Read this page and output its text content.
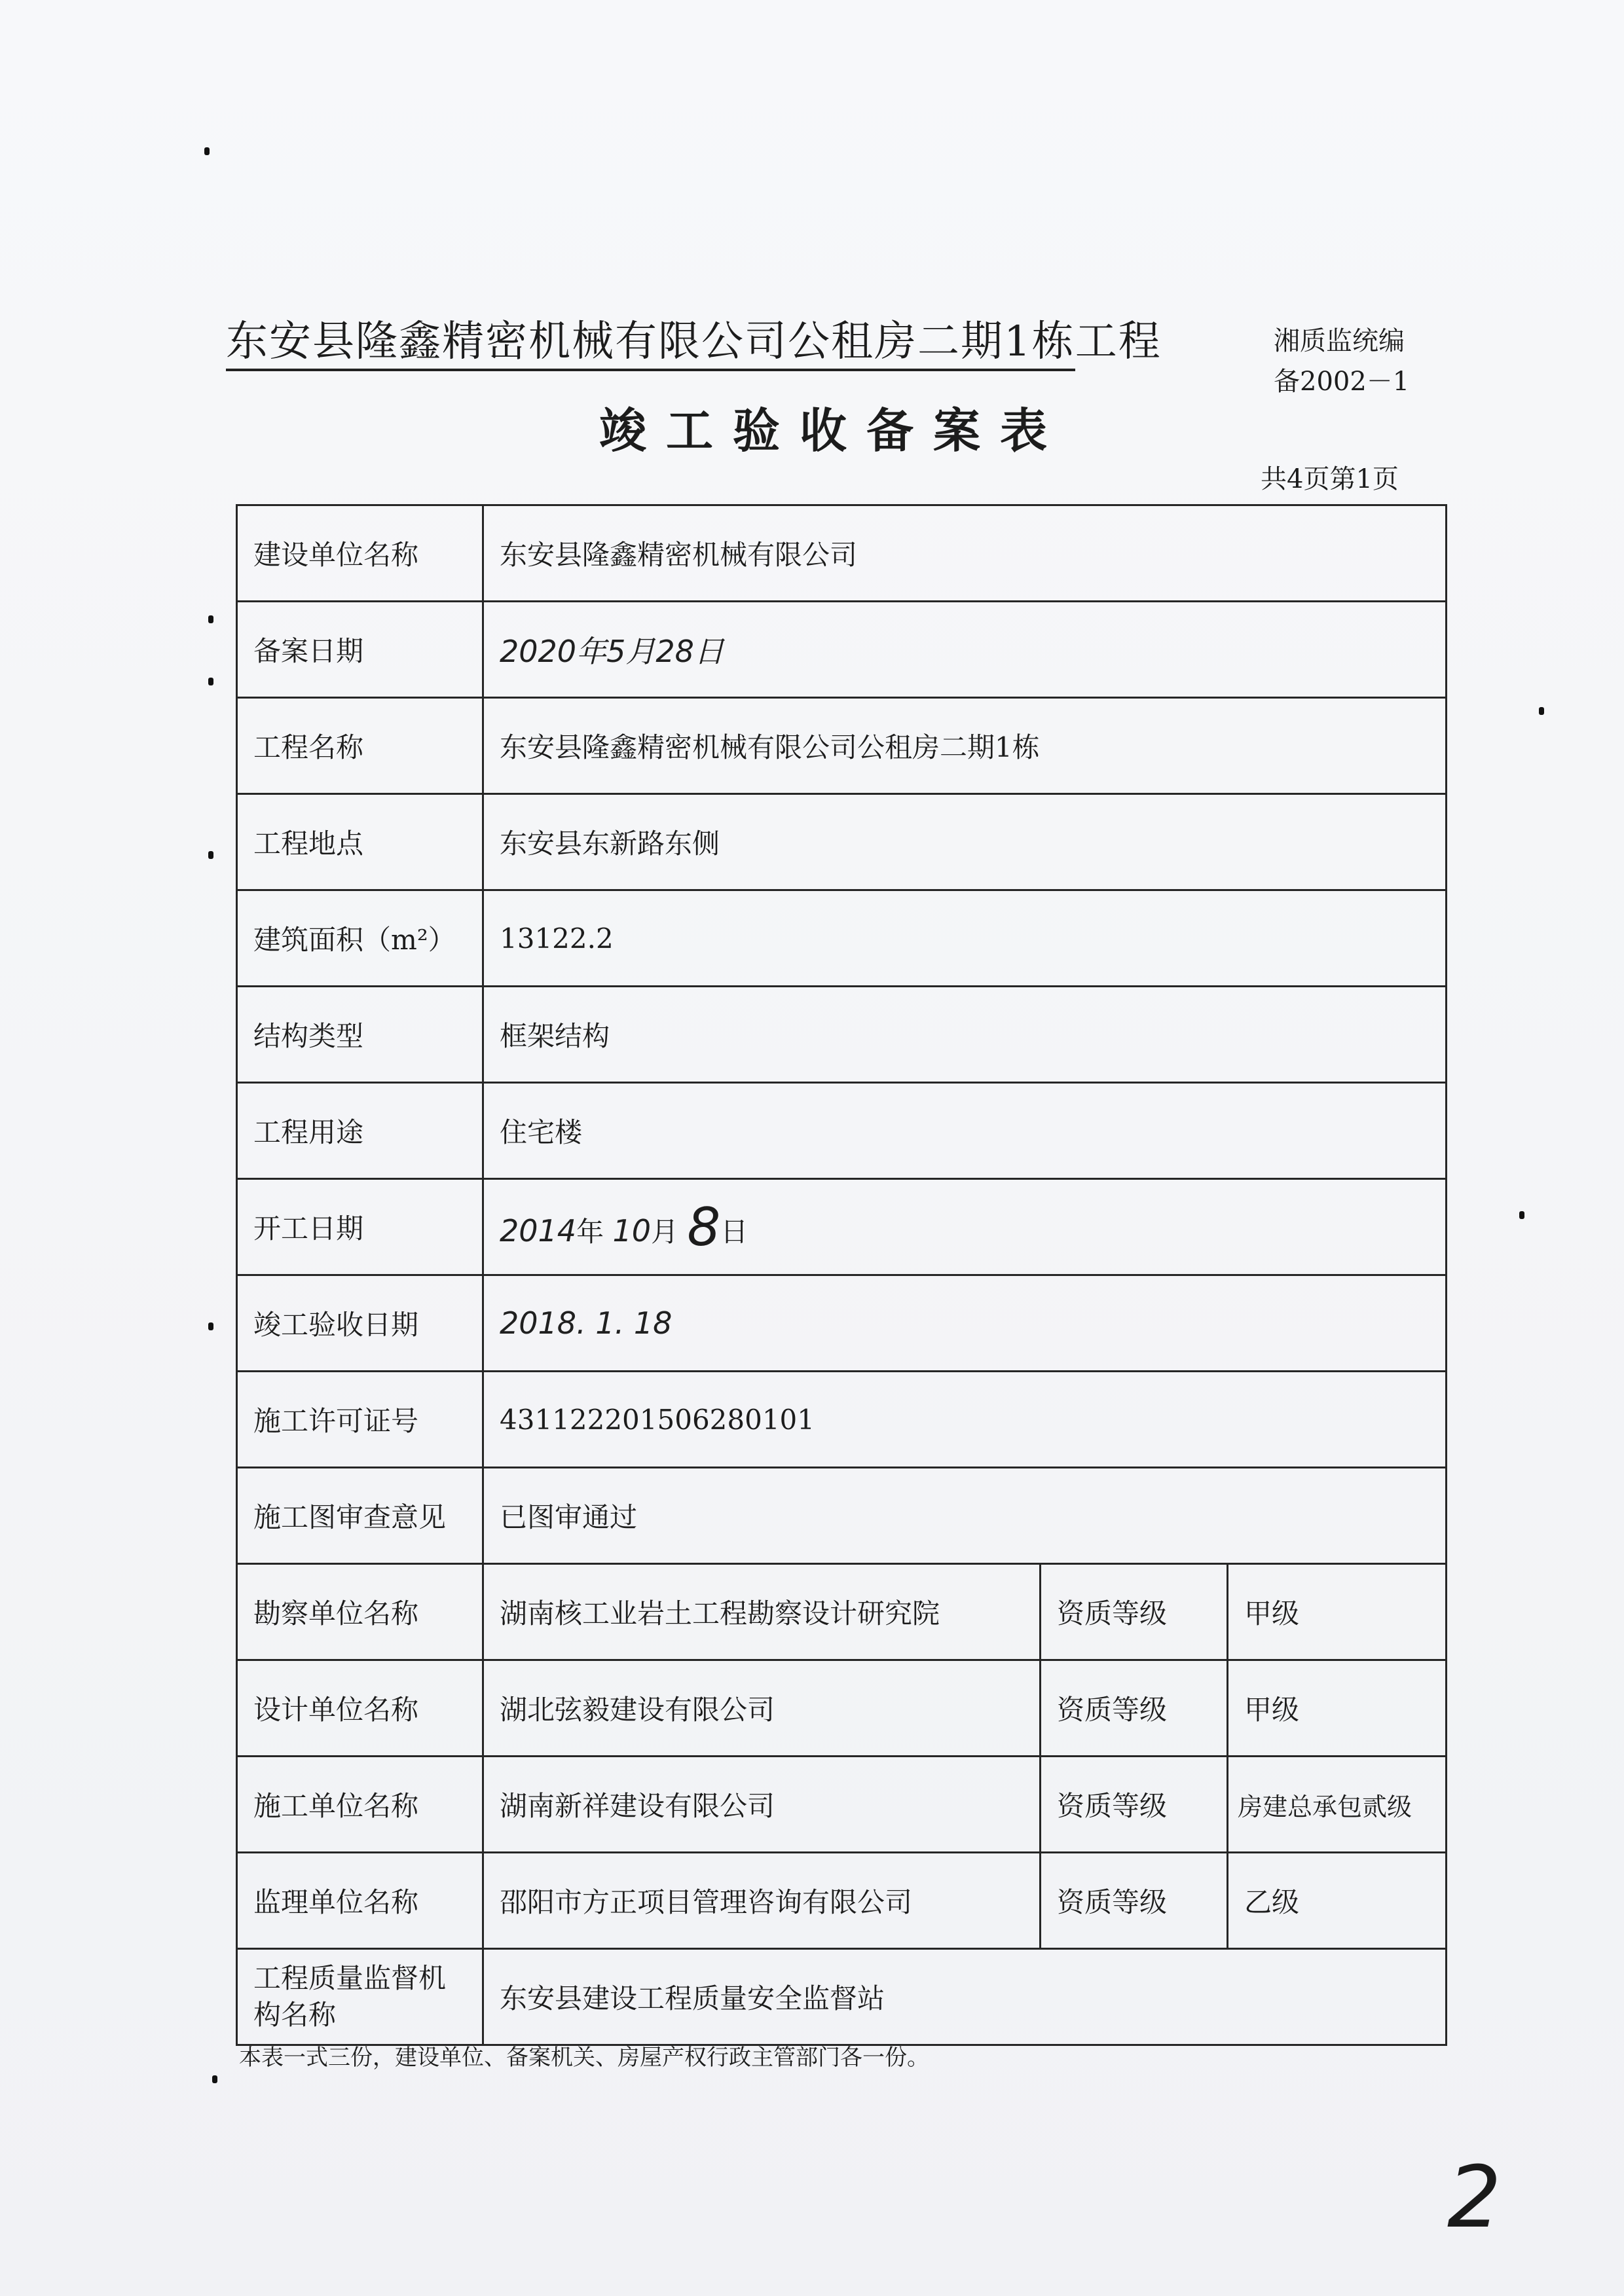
东安县隆鑫精密机械有限公司公租房二期1栋工程	湘质监统编
备2002－1
竣工验收备案表
共4页第1页
建设单位名称	东安县隆鑫精密机械有限公司		
备案日期	2020年5月28日		
工程名称	东安县隆鑫精密机械有限公司公租房二期1栋		
工程地点	东安县东新路东侧		
建筑面积（m²）	13122.2		
结构类型	框架结构		
工程用途	住宅楼		
开工日期	2014年 10月 8日		
竣工验收日期	2018. 1. 18		
施工许可证号	431122201506280101		
施工图审查意见	已图审通过		
勘察单位名称	湖南核工业岩土工程勘察设计研究院	资质等级	甲级
设计单位名称	湖北弦毅建设有限公司	资质等级	甲级
施工单位名称	湖南新祥建设有限公司	资质等级	房建总承包贰级
监理单位名称	邵阳市方正项目管理咨询有限公司	资质等级	乙级
工程质量监督机构名称	东安县建设工程质量安全监督站		
本表一式三份，建设单位、备案机关、房屋产权行政主管部门各一份。
2
